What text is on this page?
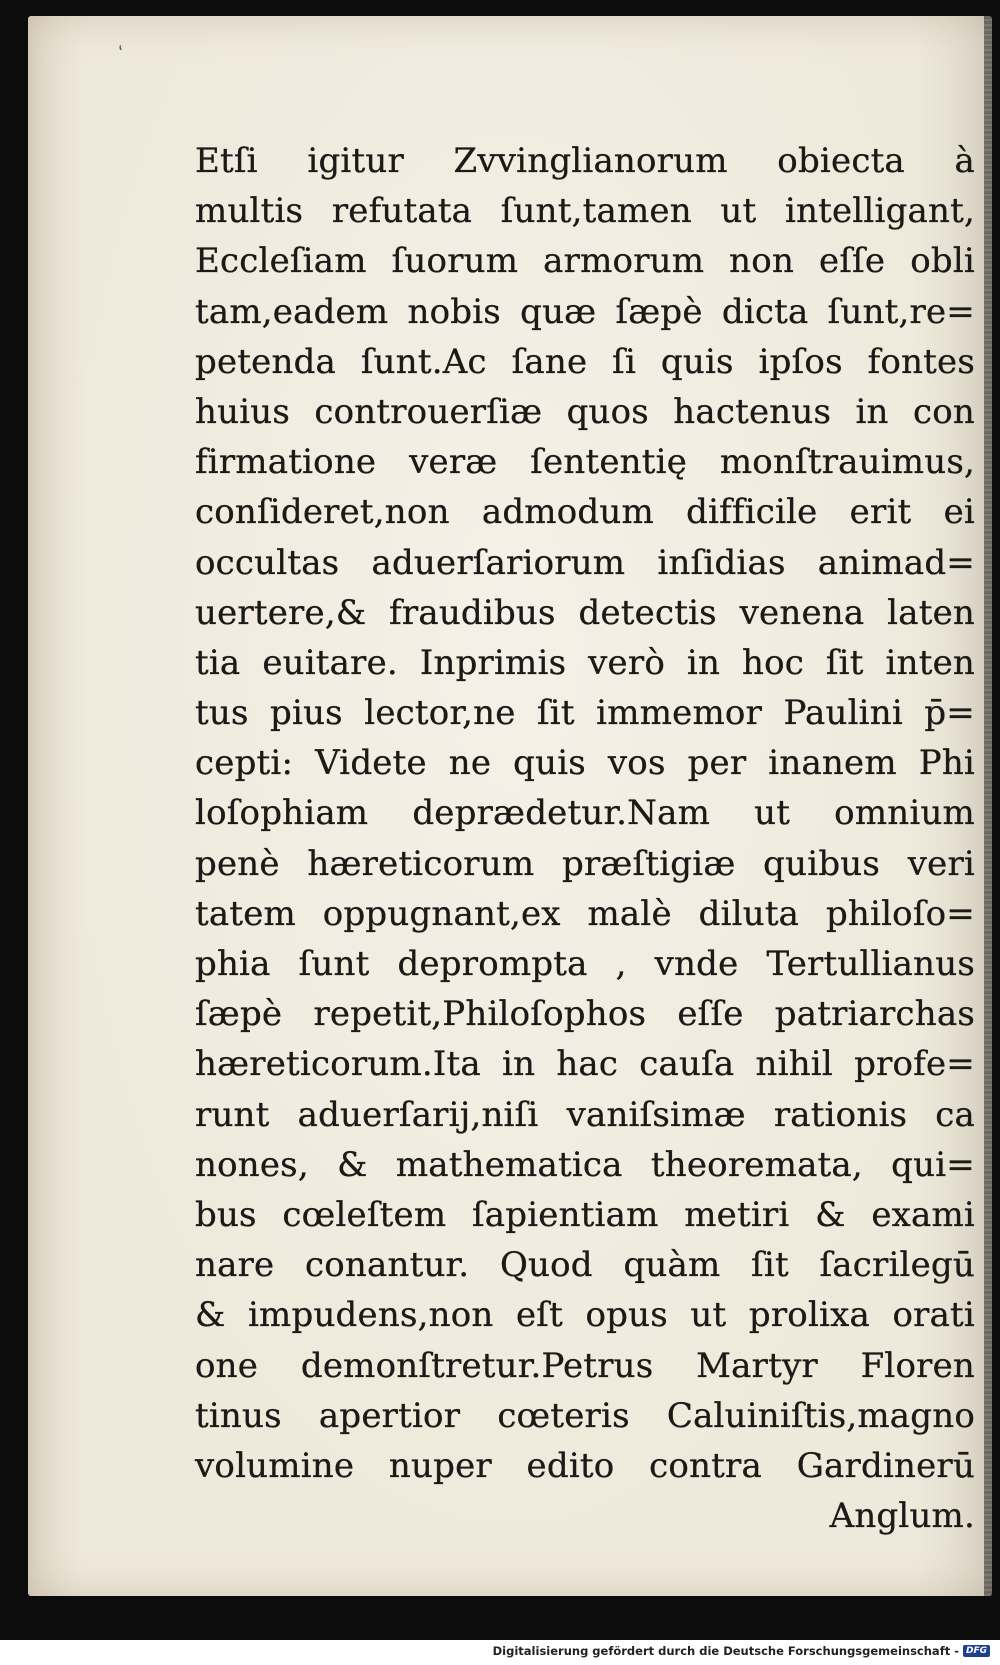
‘
Etſi igitur Zvvinglianorum obiecta à
multis refutata ſunt,tamen ut intelligant,
Eccleſiam ſuorum armorum non eſſe obli
tam,eadem nobis quæ ſæpè dicta ſunt,re=
petenda ſunt.Ac ſane ſi quis ipſos fontes
huius controuerſiæ quos hactenus in con
firmatione veræ ſententię monſtrauimus,
conſideret,non admodum difficile erit ei
occultas aduerſariorum inſidias animad=
uertere,& fraudibus detectis venena laten
tia euitare. Inprimis verò in hoc ſit inten
tus pius lector,ne ſit immemor Paulini p̄=
cepti: Videte ne quis vos per inanem Phi
loſophiam deprædetur.Nam ut omnium
penè hæreticorum præſtigiæ quibus veri
tatem oppugnant,ex malè diluta philoſo=
phia ſunt deprompta , vnde Tertullianus
ſæpè repetit,Philoſophos eſſe patriarchas
hæreticorum.Ita in hac cauſa nihil profe=
runt aduerſarij,niſi vaniſsimæ rationis ca
nones, & mathematica theoremata, qui=
bus cœleſtem ſapientiam metiri & exami
nare conantur. Quod quàm ſit ſacrilegū
& impudens,non eſt opus ut prolixa orati
one demonſtretur.Petrus Martyr Floren
tinus apertior cœteris Caluiniſtis,magno
volumine nuper edito contra Gardinerū
Anglum.
Digitalisierung gefördert durch die Deutsche Forschungsgemeinschaft - DFG
